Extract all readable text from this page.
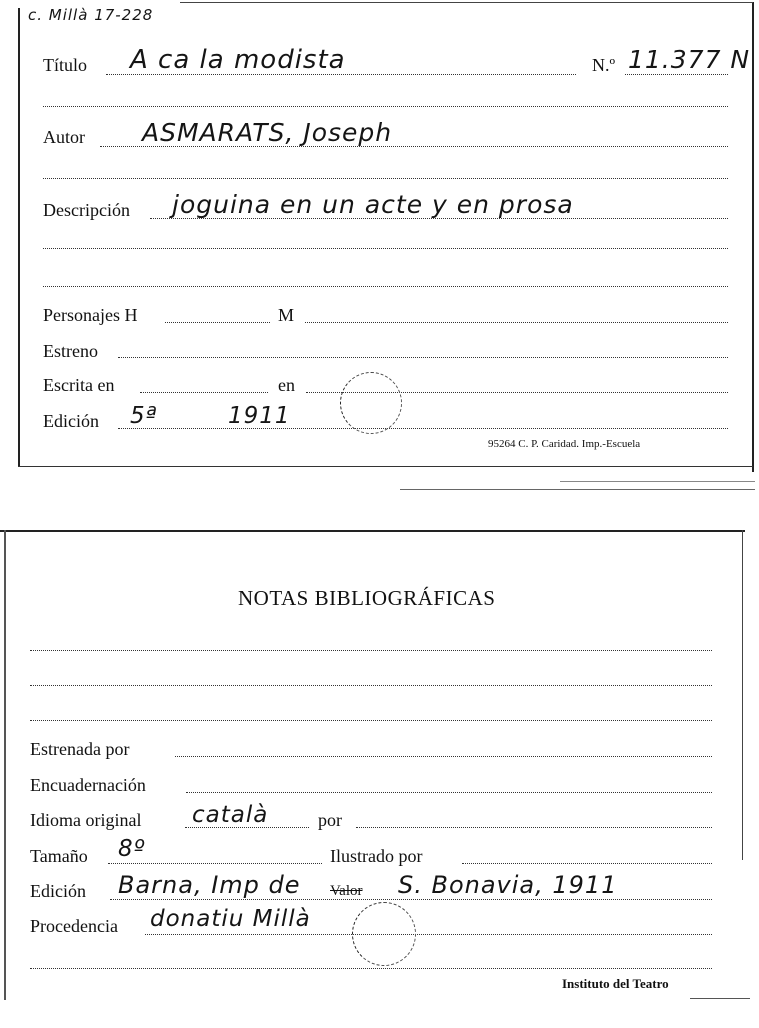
c. Millà 17-228
Título A ca la modista	N.º 11.377 N
Autor ASMARATS, Joseph
Descripción joguina en un acte y en prosa
Personajes H	M
Estreno
Escrita en	en
Edición 5ª	1911
95264 C. P. Caridad. Imp.-Escuela
NOTAS BIBLIOGRÁFICAS
Estrenada por
Encuadernación
Idioma original català	por
Tamaño 8º	Ilustrado por
Edición Barna, Imp de Valor S. Bonavia, 1911
Procedencia donatiu Millà
Instituto del Teatro
